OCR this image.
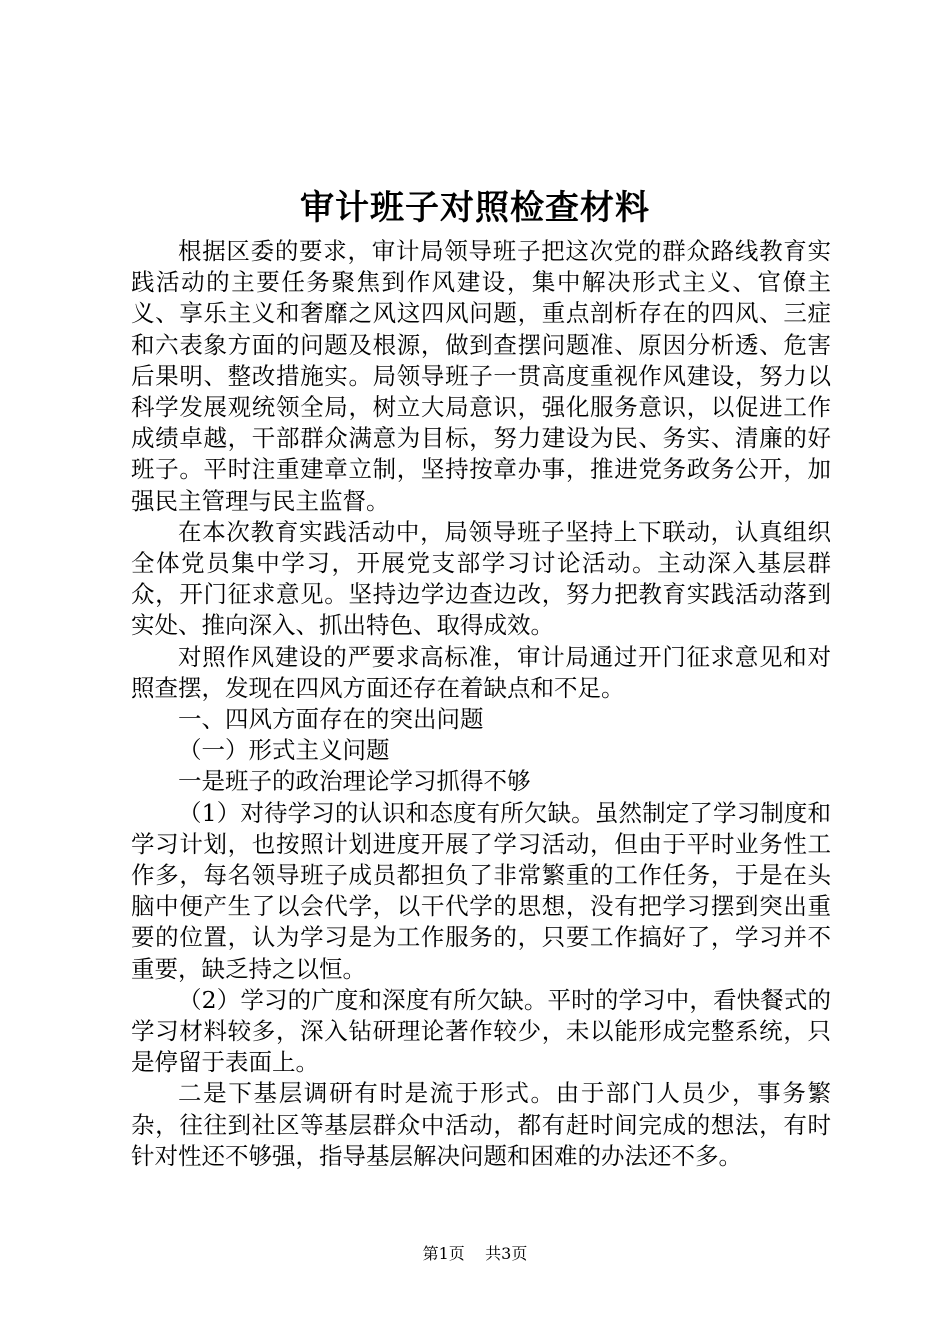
审计班子对照检查材料

根据区委的要求，审计局领导班子把这次党的群众路线教育实践活动的主要任务聚焦到作风建设，集中解决形式主义、官僚主义、享乐主义和奢靡之风这四风问题，重点剖析存在的四风、三症和六表象方面的问题及根源，做到查摆问题准、原因分析透、危害后果明、整改措施实。局领导班子一贯高度重视作风建设，努力以科学发展观统领全局，树立大局意识，强化服务意识，以促进工作成绩卓越，干部群众满意为目标，努力建设为民、务实、清廉的好班子。平时注重建章立制，坚持按章办事，推进党务政务公开，加强民主管理与民主监督。

在本次教育实践活动中，局领导班子坚持上下联动，认真组织全体党员集中学习，开展党支部学习讨论活动。主动深入基层群众，开门征求意见。坚持边学边查边改，努力把教育实践活动落到实处、推向深入、抓出特色、取得成效。

对照作风建设的严要求高标准，审计局通过开门征求意见和对照查摆，发现在四风方面还存在着缺点和不足。

一、四风方面存在的突出问题

（一）形式主义问题

一是班子的政治理论学习抓得不够

（1）对待学习的认识和态度有所欠缺。虽然制定了学习制度和学习计划，也按照计划进度开展了学习活动，但由于平时业务性工作多，每名领导班子成员都担负了非常繁重的工作任务，于是在头脑中便产生了以会代学，以干代学的思想，没有把学习摆到突出重要的位置，认为学习是为工作服务的，只要工作搞好了，学习并不重要，缺乏持之以恒。

（2）学习的广度和深度有所欠缺。平时的学习中，看快餐式的学习材料较多，深入钻研理论著作较少，未以能形成完整系统，只是停留于表面上。

二是下基层调研有时是流于形式。由于部门人员少，事务繁杂，往往到社区等基层群众中活动，都有赶时间完成的想法，有时针对性还不够强，指导基层解决问题和困难的办法还不多。

第1页 共3页
